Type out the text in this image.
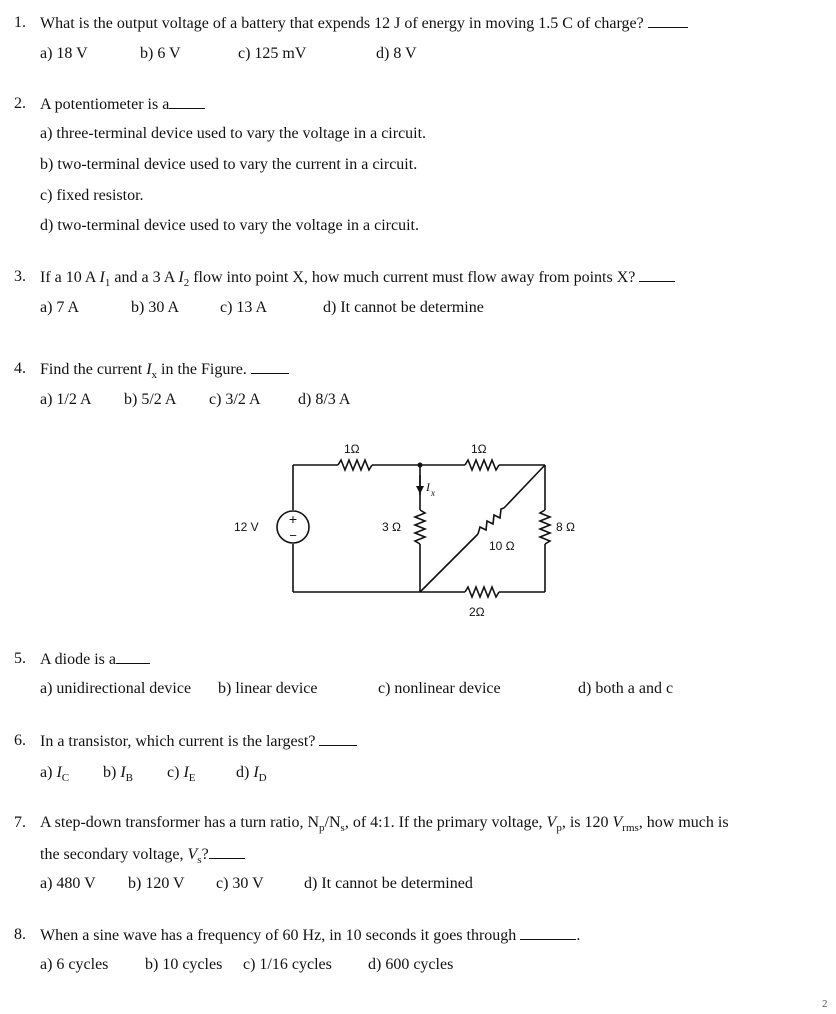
1. What is the output voltage of a battery that expends 12 J of energy in moving 1.5 C of charge?
a) 18 V	b) 6 V	c) 125 mV	d) 8 V
2. A potentiometer is a
a) three-terminal device used to vary the voltage in a circuit.
b) two-terminal device used to vary the current in a circuit.
c) fixed resistor.
d) two-terminal device used to vary the voltage in a circuit.
3. If a 10 A $I_1$ and a 3 A $I_2$ flow into point X, how much current must flow away from points X?
a) 7 A	b) 30 A	c) 13 A	d) It cannot be determine
4. Find the current $I_x$ in the Figure.
a) 1/2 A b) 5/2 A c) 3/2 A d) 8/3 A
+
−
12 V
1Ω	1Ω
3 Ω
10 Ω
8 Ω
2Ω
I x
5. A diode is a
a) unidirectional device b) linear device	c) nonlinear device	d) both a and c
6. In a transistor, which current is the largest?
a) $I_C$ b) $I_B$ c) $I_E$	d) $I_D$
7. A step-down transformer has a turn ratio, $N_p/N_s$, of 4:1. If the primary voltage, $V_p$, is 120 $V_{rms}$, how much is
the secondary voltage, $V_s$?
a) 480 V b) 120 V c) 30 V	d) It cannot be determined
8. When a sine wave has a frequency of 60 Hz, in 10 seconds it goes through	.
a) 6 cycles b) 10 cycles c) 1/16 cycles d) 600 cycles
2
